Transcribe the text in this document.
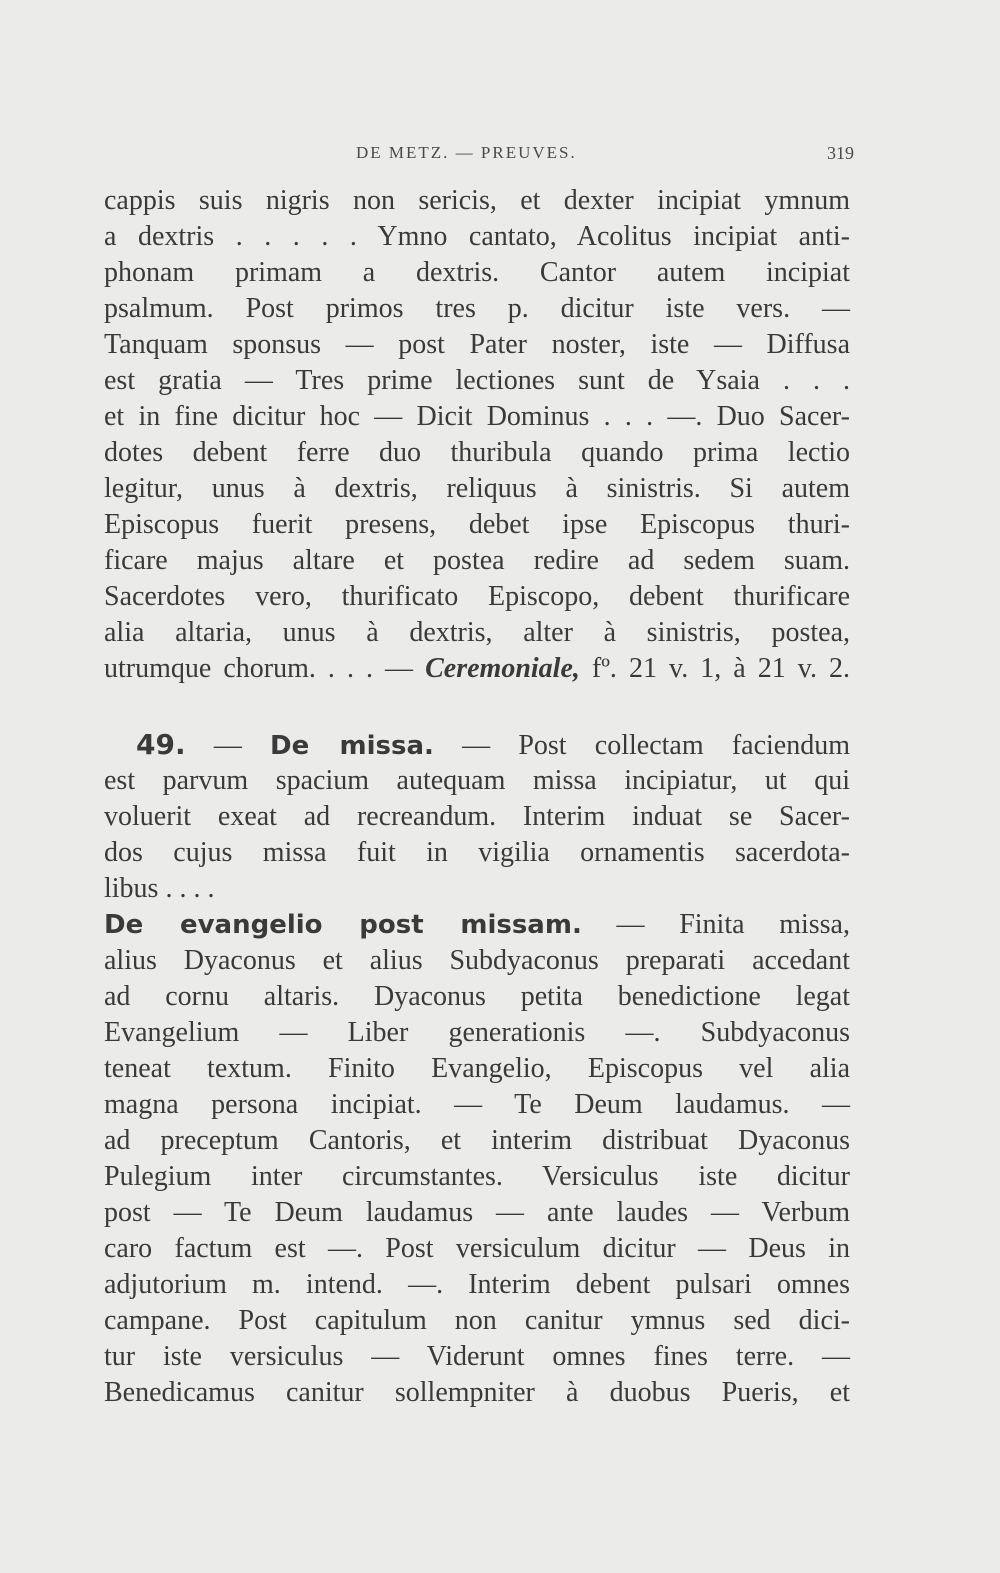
DE METZ. — PREUVES.	319
cappis suis nigris non sericis, et dexter incipiat ymnum
a dextris . . . . . Ymno cantato, Acolitus incipiat anti-
phonam primam a dextris. Cantor autem incipiat
psalmum. Post primos tres p. dicitur iste vers. —
Tanquam sponsus — post Pater noster, iste — Diffusa
est gratia — Tres prime lectiones sunt de Ysaia . . .
et in fine dicitur hoc — Dicit Dominus . . . —. Duo Sacer-
dotes debent ferre duo thuribula quando prima lectio
legitur, unus à dextris, reliquus à sinistris. Si autem
Episcopus fuerit presens, debet ipse Episcopus thuri-
ficare majus altare et postea redire ad sedem suam.
Sacerdotes vero, thurificato Episcopo, debent thurificare
alia altaria, unus à dextris, alter à sinistris, postea,
utrumque chorum. . . . — Ceremoniale, fº. 21 v. 1, à 21 v. 2.
49. — De missa. — Post collectam faciendum
est parvum spacium autequam missa incipiatur, ut qui
voluerit exeat ad recreandum. Interim induat se Sacer-
dos cujus missa fuit in vigilia ornamentis sacerdota-
libus . . . .
De evangelio post missam. — Finita missa,
alius Dyaconus et alius Subdyaconus preparati accedant
ad cornu altaris. Dyaconus petita benedictione legat
Evangelium — Liber generationis —. Subdyaconus
teneat textum. Finito Evangelio, Episcopus vel alia
magna persona incipiat. — Te Deum laudamus. —
ad preceptum Cantoris, et interim distribuat Dyaconus
Pulegium inter circumstantes. Versiculus iste dicitur
post — Te Deum laudamus — ante laudes — Verbum
caro factum est —. Post versiculum dicitur — Deus in
adjutorium m. intend. —. Interim debent pulsari omnes
campane. Post capitulum non canitur ymnus sed dici-
tur iste versiculus — Viderunt omnes fines terre. —
Benedicamus canitur sollempniter à duobus Pueris, et
